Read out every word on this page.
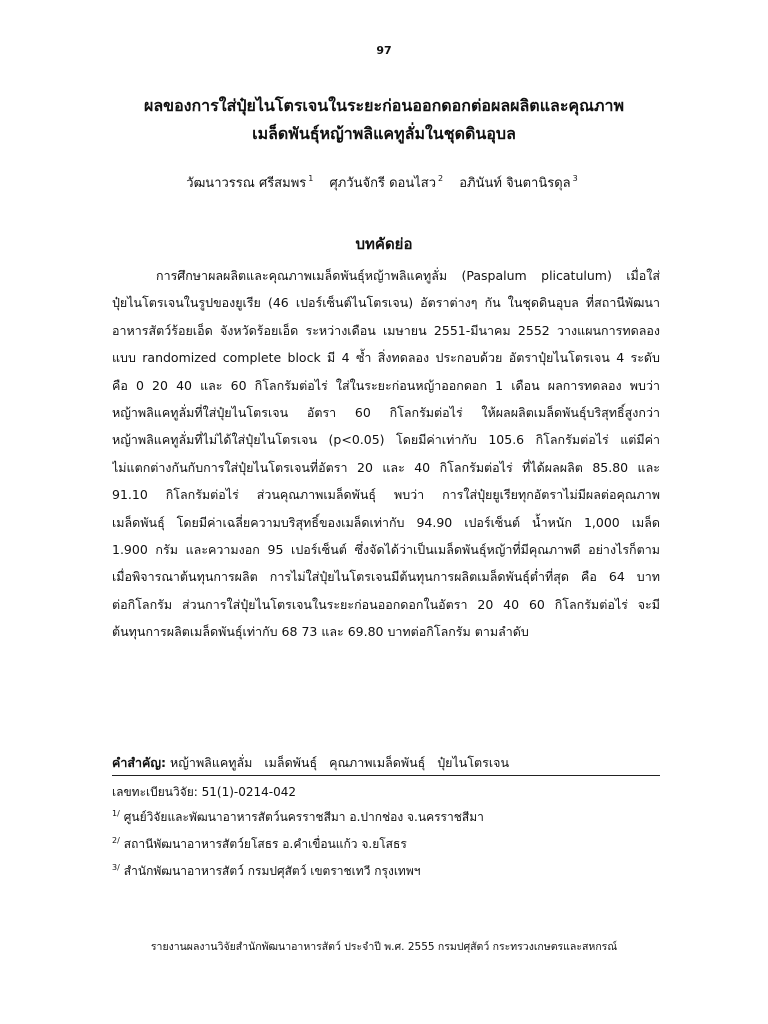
97
ผลของการใส่ปุ๋ยไนโตรเจนในระยะก่อนออกดอกต่อผลผลิตและคุณภาพ
เมล็ดพันธุ์หญ้าพลิแคทูลั่มในชุดดินอุบล
วัฒนาวรรณ ศรีสมพร $^1$ ศุภวันจักรี ดอนไสว $^2$ อภินันท์ จินตานิรดุล $^3$
บทคัดย่อ
การศึกษาผลผลิตและคุณภาพเมล็ดพันธุ์หญ้าพลิแคทูลั่ม (Paspalum plicatulum) เมื่อใส่
ปุ๋ยไนโตรเจนในรูปของยูเรีย (46 เปอร์เซ็นต์ไนโตรเจน) อัตราต่างๆ กัน ในชุดดินอุบล ที่สถานีพัฒนา
อาหารสัตว์ร้อยเอ็ด จังหวัดร้อยเอ็ด ระหว่างเดือน เมษายน 2551-มีนาคม 2552 วางแผนการทดลอง
แบบ randomized complete block มี 4 ซ้ำ สิ่งทดลอง ประกอบด้วย อัตราปุ๋ยไนโตรเจน 4 ระดับ
คือ 0 20 40 และ 60 กิโลกรัมต่อไร่ ใส่ในระยะก่อนหญ้าออกดอก 1 เดือน ผลการทดลอง พบว่า
หญ้าพลิแคทูลั่มที่ใส่ปุ๋ยไนโตรเจน อัตรา 60 กิโลกรัมต่อไร่ ให้ผลผลิตเมล็ดพันธุ์บริสุทธิ์สูงกว่า
หญ้าพลิแคทูลั่มที่ไม่ได้ใส่ปุ๋ยไนโตรเจน (p<0.05) โดยมีค่าเท่ากับ 105.6 กิโลกรัมต่อไร่ แต่มีค่า
ไม่แตกต่างกันกับการใส่ปุ๋ยไนโตรเจนที่อัตรา 20 และ 40 กิโลกรัมต่อไร่ ที่ได้ผลผลิต 85.80 และ
91.10 กิโลกรัมต่อไร่ ส่วนคุณภาพเมล็ดพันธุ์ พบว่า การใส่ปุ๋ยยูเรียทุกอัตราไม่มีผลต่อคุณภาพ
เมล็ดพันธุ์ โดยมีค่าเฉลี่ยความบริสุทธิ์ของเมล็ดเท่ากับ 94.90 เปอร์เซ็นต์ น้ำหนัก 1,000 เมล็ด
1.900 กรัม และความงอก 95 เปอร์เซ็นต์ ซึ่งจัดได้ว่าเป็นเมล็ดพันธุ์หญ้าที่มีคุณภาพดี อย่างไรก็ตาม
เมื่อพิจารณาต้นทุนการผลิต การไม่ใส่ปุ๋ยไนโตรเจนมีต้นทุนการผลิตเมล็ดพันธุ์ต่ำที่สุด คือ 64 บาท
ต่อกิโลกรัม ส่วนการใส่ปุ๋ยไนโตรเจนในระยะก่อนออกดอกในอัตรา 20 40 60 กิโลกรัมต่อไร่ จะมี
ต้นทุนการผลิตเมล็ดพันธุ์เท่ากับ 68 73 และ 69.80 บาทต่อกิโลกรัม ตามลำดับ
คำสำคัญ: หญ้าพลิแคทูลั่ม เมล็ดพันธุ์ คุณภาพเมล็ดพันธุ์ ปุ๋ยไนโตรเจน
เลขทะเบียนวิจัย: 51(1)-0214-042
$^{1/}$ ศูนย์วิจัยและพัฒนาอาหารสัตว์นครราชสีมา อ.ปากช่อง จ.นครราชสีมา
$^{2/}$ สถานีพัฒนาอาหารสัตว์ยโสธร อ.คำเขื่อนแก้ว จ.ยโสธร
$^{3/}$ สำนักพัฒนาอาหารสัตว์ กรมปศุสัตว์ เขตราชเทวี กรุงเทพฯ
รายงานผลงานวิจัยสำนักพัฒนาอาหารสัตว์ ประจำปี พ.ศ. 2555 กรมปศุสัตว์ กระทรวงเกษตรและสหกรณ์
